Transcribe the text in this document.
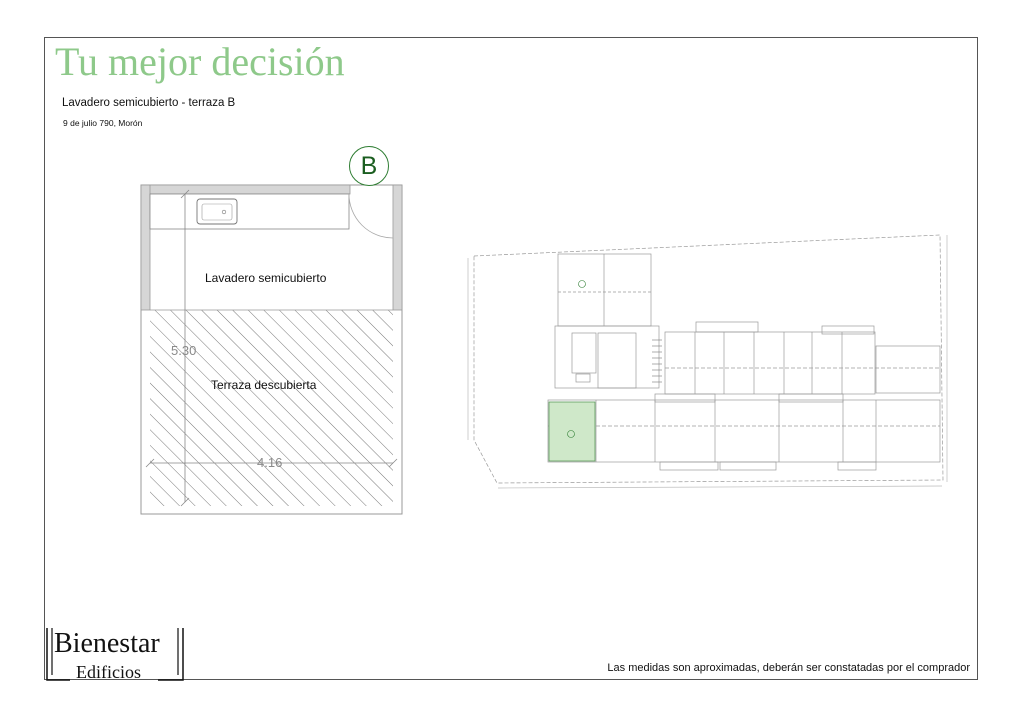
Tu mejor decisión
Lavadero semicubierto - terraza B
9 de julio 790, Morón
Lavadero semicubierto
Terraza descubierta
5.30
4.16
B
Bienestar
Edificios	Las medidas son aproximadas, deberán ser constatadas por el comprador
